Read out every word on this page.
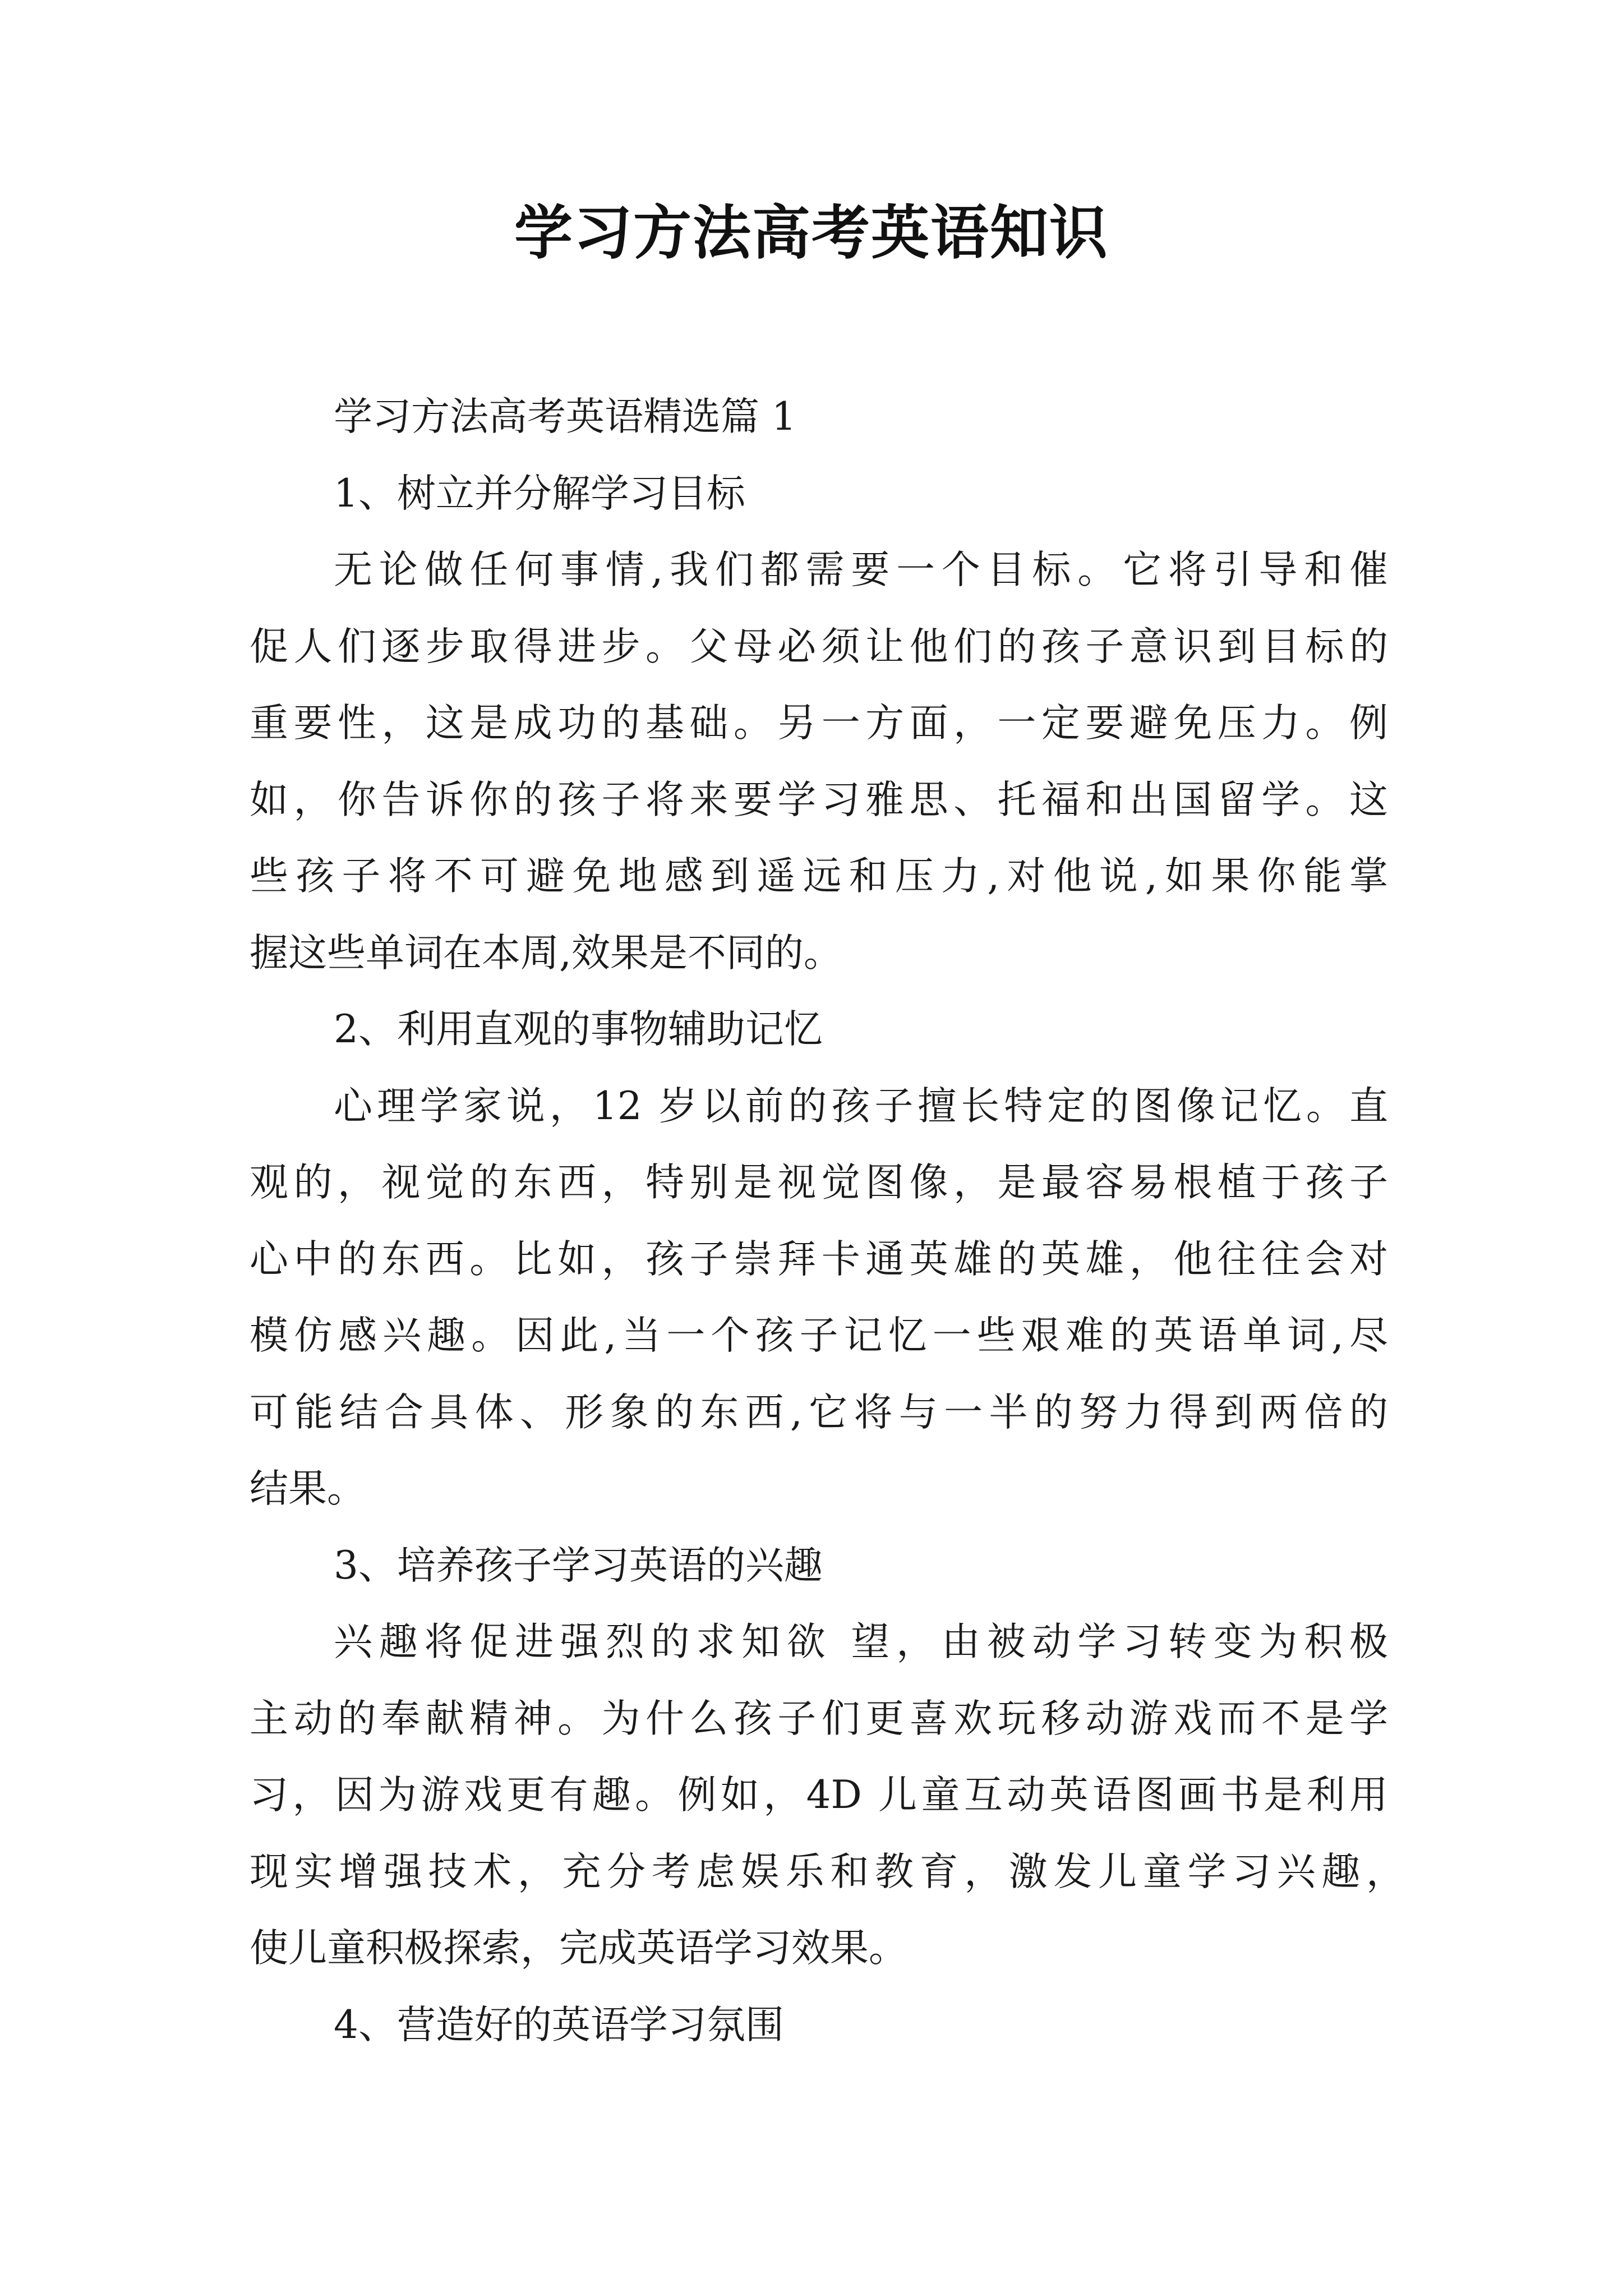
学习方法高考英语知识
学习方法高考英语精选篇 1
1、树立并分解学习目标
无论做任何事情,我们都需要一个目标。它将引导和催
促人们逐步取得进步。父母必须让他们的孩子意识到目标的
重要性，这是成功的基础。另一方面，一定要避免压力。例
如，你告诉你的孩子将来要学习雅思、托福和出国留学。这
些孩子将不可避免地感到遥远和压力,对他说,如果你能掌
握这些单词在本周,效果是不同的。
2、利用直观的事物辅助记忆
心理学家说，12 岁以前的孩子擅长特定的图像记忆。直
观的，视觉的东西，特别是视觉图像，是最容易根植于孩子
心中的东西。比如，孩子崇拜卡通英雄的英雄，他往往会对
模仿感兴趣。因此,当一个孩子记忆一些艰难的英语单词,尽
可能结合具体、形象的东西,它将与一半的努力得到两倍的
结果。
3、培养孩子学习英语的兴趣
兴趣将促进强烈的求知欲 望，由被动学习转变为积极
主动的奉献精神。为什么孩子们更喜欢玩移动游戏而不是学
习，因为游戏更有趣。例如，4D 儿童互动英语图画书是利用
现实增强技术，充分考虑娱乐和教育，激发儿童学习兴趣，
使儿童积极探索，完成英语学习效果。
4、营造好的英语学习氛围
